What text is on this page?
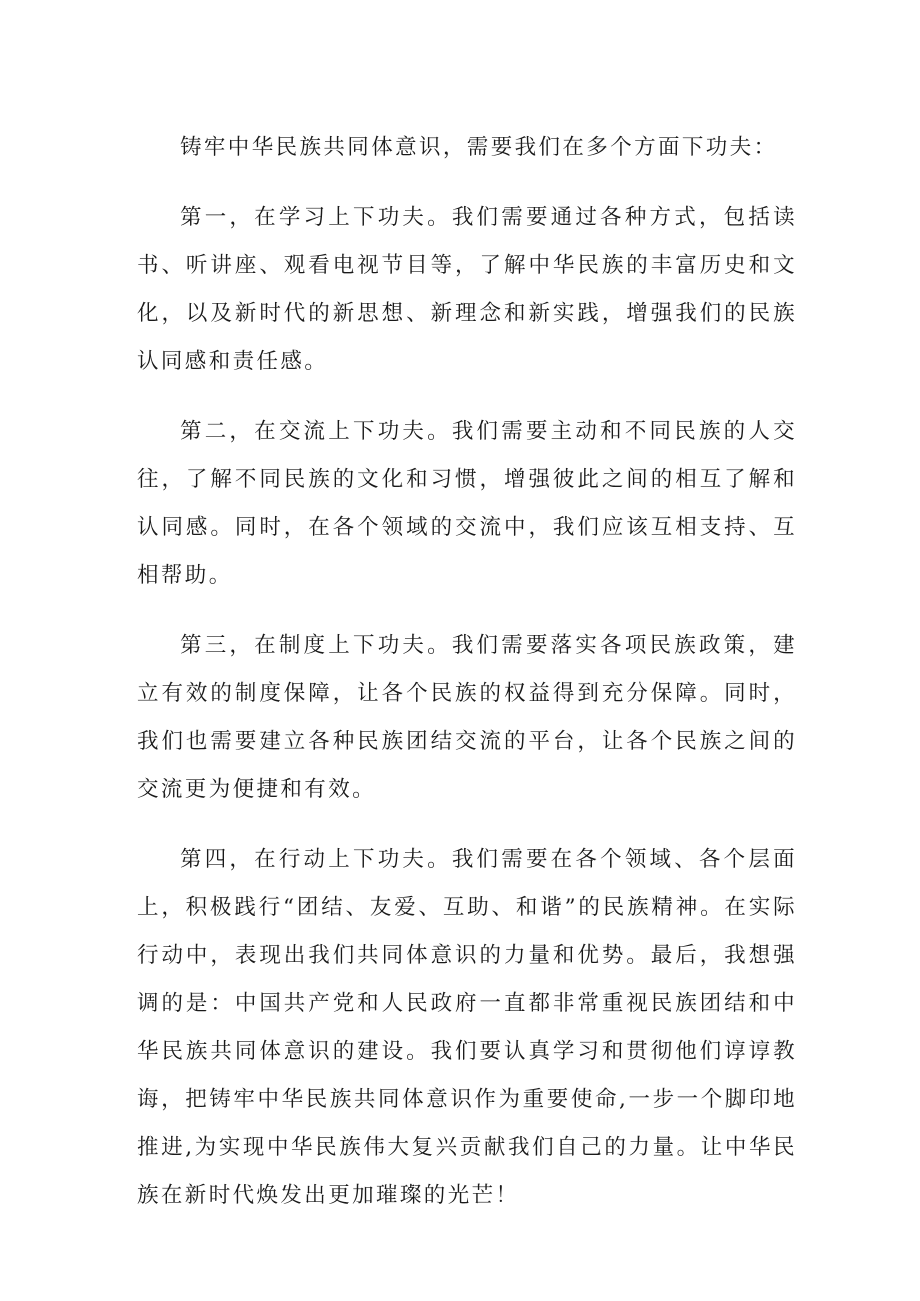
铸牢中华民族共同体意识，需要我们在多个方面下功夫：

第一，在学习上下功夫。我们需要通过各种方式，包括读书、听讲座、观看电视节目等，了解中华民族的丰富历史和文化，以及新时代的新思想、新理念和新实践，增强我们的民族认同感和责任感。

第二，在交流上下功夫。我们需要主动和不同民族的人交往，了解不同民族的文化和习惯，增强彼此之间的相互了解和认同感。同时，在各个领域的交流中，我们应该互相支持、互相帮助。

第三，在制度上下功夫。我们需要落实各项民族政策，建立有效的制度保障，让各个民族的权益得到充分保障。同时，我们也需要建立各种民族团结交流的平台，让各个民族之间的交流更为便捷和有效。

第四，在行动上下功夫。我们需要在各个领域、各个层面上，积极践行“团结、友爱、互助、和谐”的民族精神。在实际行动中，表现出我们共同体意识的力量和优势。最后，我想强调的是：中国共产党和人民政府一直都非常重视民族团结和中华民族共同体意识的建设。我们要认真学习和贯彻他们谆谆教诲，把铸牢中华民族共同体意识作为重要使命,一步一个脚印地推进,为实现中华民族伟大复兴贡献我们自己的力量。让中华民族在新时代焕发出更加璀璨的光芒！
